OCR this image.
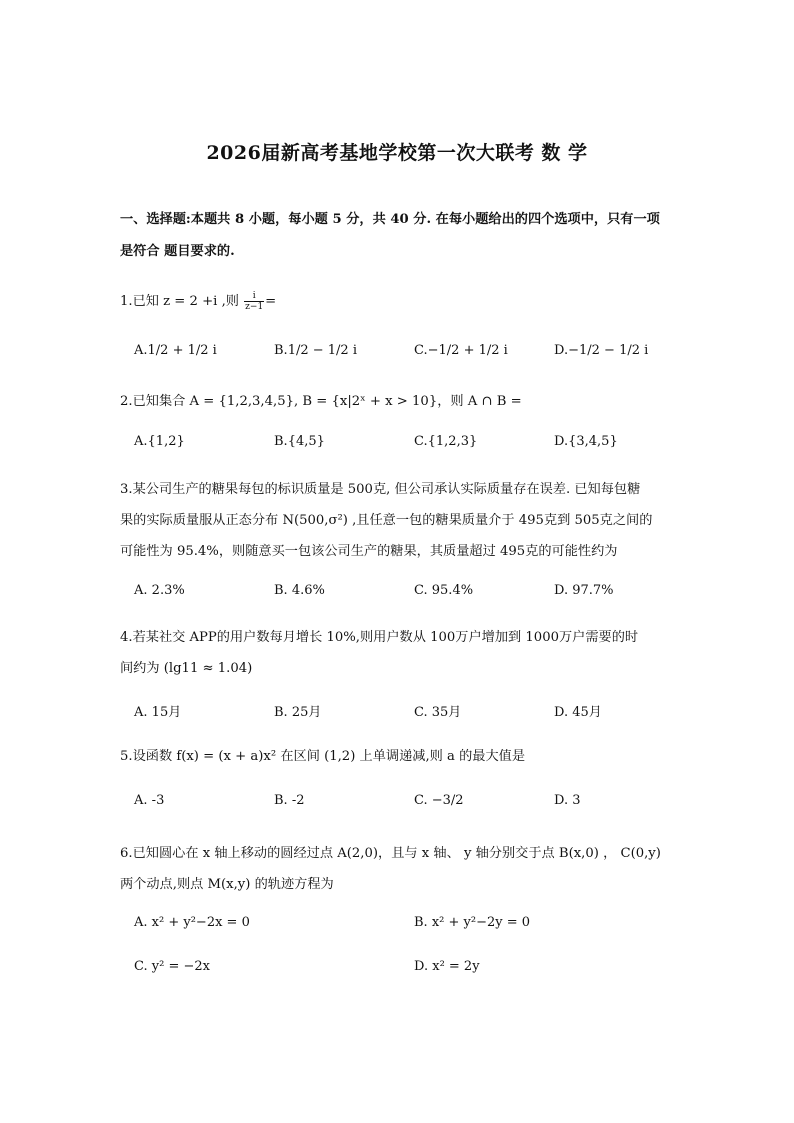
2026届新高考基地学校第一次大联考 数 学
一、选择题:本题共 8 小题，每小题 5 分，共 40 分. 在每小题给出的四个选项中，只有一项
是符合 题目要求的.
1.已知 z = 2 +i ,则 $\frac{i}{z-1}$ =
A.1/2 + 1/2 i	B.1/2 − 1/2 i	C.−1/2 + 1/2 i	D.−1/2 − 1/2 i
2.已知集合 A = {1,2,3,4,5}, B = {x|2ˣ + x > 10}，则 A ∩ B =
A.{1,2}	B.{4,5}	C.{1,2,3}	D.{3,4,5}
3.某公司生产的糖果每包的标识质量是 500克, 但公司承认实际质量存在误差. 已知每包糖
果的实际质量服从正态分布 N(500,σ²) ,且任意一包的糖果质量介于 495克到 505克之间的
可能性为 95.4%，则随意买一包该公司生产的糖果，其质量超过 495克的可能性约为
A. 2.3%	B. 4.6%	C. 95.4%	D. 97.7%
4.若某社交 APP的用户数每月增长 10%,则用户数从 100万户增加到 1000万户需要的时
间约为 (lg11 ≈ 1.04)
A. 15月	B. 25月	C. 35月	D. 45月
5.设函数 f(x) = (x + a)x² 在区间 (1,2) 上单调递减,则 a 的最大值是
A. -3	B. -2	C. −3/2	D. 3
6.已知圆心在 x 轴上移动的圆经过点 A(2,0)，且与 x 轴、 y 轴分别交于点 B(x,0) ， C(0,y)
两个动点,则点 M(x,y) 的轨迹方程为
A. x² + y²−2x = 0	B. x² + y²−2y = 0
C. y² = −2x	D. x² = 2y
